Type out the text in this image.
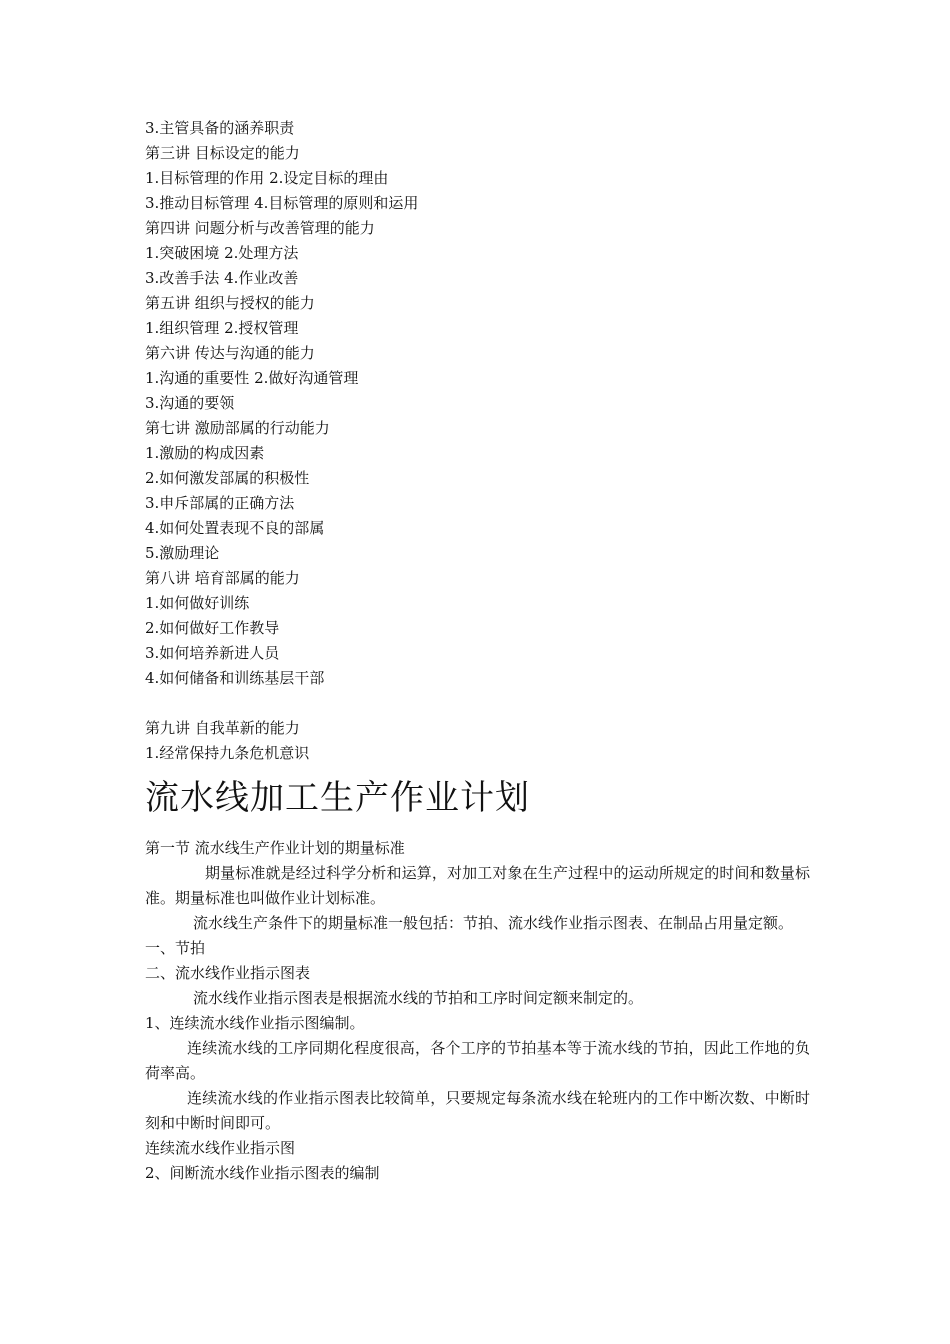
3.主管具备的涵养职责
第三讲 目标设定的能力
1.目标管理的作用 2.设定目标的理由
3.推动目标管理 4.目标管理的原则和运用
第四讲 问题分析与改善管理的能力
1.突破困境 2.处理方法
3.改善手法 4.作业改善
第五讲 组织与授权的能力
1.组织管理 2.授权管理
第六讲 传达与沟通的能力
1.沟通的重要性 2.做好沟通管理
3.沟通的要领
第七讲 激励部属的行动能力
1.激励的构成因素
2.如何激发部属的积极性
3.申斥部属的正确方法
4.如何处置表现不良的部属
5.激励理论
第八讲 培育部属的能力
1.如何做好训练
2.如何做好工作教导
3.如何培养新进人员
4.如何储备和训练基层干部
第九讲 自我革新的能力
1.经常保持九条危机意识
流水线加工生产作业计划
第一节 流水线生产作业计划的期量标准
期量标准就是经过科学分析和运算，对加工对象在生产过程中的运动所规定的时间和数量标准。期量标准也叫做作业计划标准。
流水线生产条件下的期量标准一般包括：节拍、流水线作业指示图表、在制品占用量定额。
一、节拍
二、流水线作业指示图表
流水线作业指示图表是根据流水线的节拍和工序时间定额来制定的。
1、连续流水线作业指示图编制。
连续流水线的工序同期化程度很高，各个工序的节拍基本等于流水线的节拍，因此工作地的负荷率高。
连续流水线的作业指示图表比较简单，只要规定每条流水线在轮班内的工作中断次数、中断时刻和中断时间即可。
连续流水线作业指示图
2、间断流水线作业指示图表的编制
